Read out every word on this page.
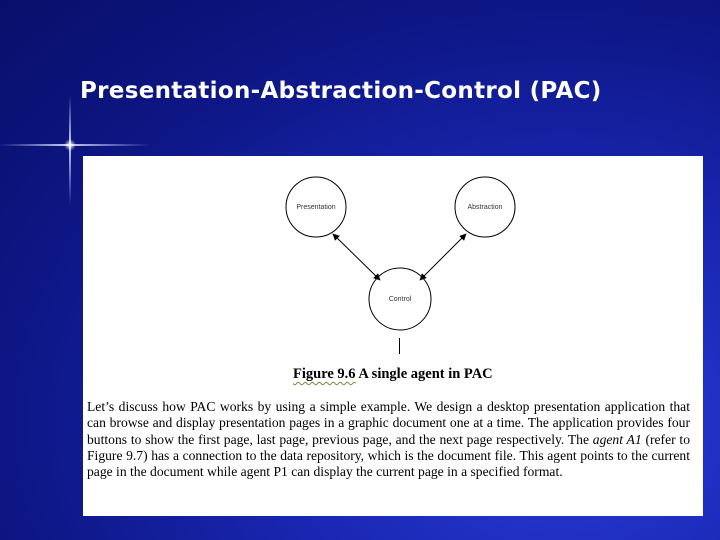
Presentation-Abstraction-Control (PAC)
Presentation	Abstraction
Control
Figure 9.6 A single agent in PAC
Let’s discuss how PAC works by using a simple example. We design a desktop presentation application that can browse and display presentation pages in a graphic document one at a time. The application provides four buttons to show the first page, last page, previous page, and the next page respectively. The agent A1 (refer to Figure 9.7) has a connection to the data repository, which is the document file. This agent points to the current page in the document while agent P1 can display the current page in a specified format.
